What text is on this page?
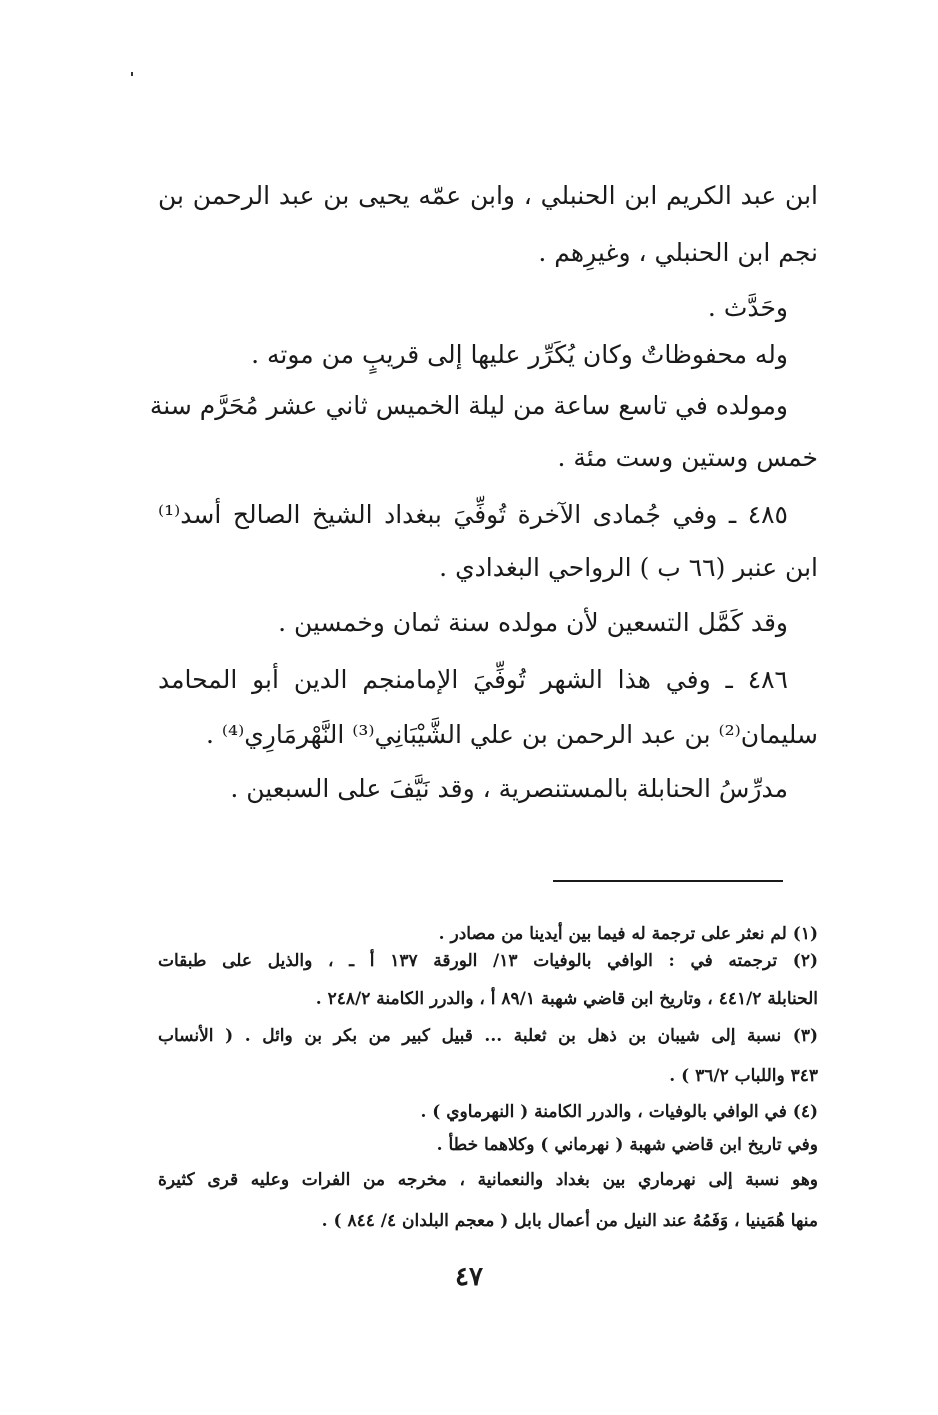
ابن عبد الكريم ابن الحنبلي ، وابن عمّه يحيى بن عبد الرحمن بن
نجم ابن الحنبلي ، وغيرِهم .
وحَدَّث .
وله محفوظاتٌ وكان يُكَرِّر عليها إلى قريبٍ من موته .
ومولده في تاسع ساعة من ليلة الخميس ثاني عشر مُحَرَّم سنة
خمس وستين وست مئة .
٤٨٥ ـ وفي جُمادى الآخرة تُوفِّيَ ببغداد الشيخ الصالح أسد⁽¹⁾
ابن عنبر (٦٦ ب ) الرواحي البغدادي .
وقد كَمَّل التسعين لأن مولده سنة ثمان وخمسين .
٤٨٦ ـ وفي هذا الشهر تُوفِّيَ الإمامنجم الدين أبو المحامد
سليمان⁽²⁾ بن عبد الرحمن بن علي الشَّيْبَانِي⁽³⁾ النَّهْرمَارِي⁽⁴⁾ .
مدرِّسُ الحنابلة بالمستنصرية ، وقد نَيَّفَ على السبعين .
(١) لم نعثر على ترجمة له فيما بين أيدينا من مصادر .
(٢) ترجمته في : الوافي بالوفيات ١٣/ الورقة ١٣٧ أ ـ ، والذيل على طبقات
الحنابلة ٤٤١/٢ ، وتاريخ ابن قاضي شهبة ٨٩/١ أ ، والدرر الكامنة ٢٤٨/٢ .
(٣) نسبة إلى شيبان بن ذهل بن ثعلبة ... قبيل كبير من بكر بن وائل . ( الأنساب
٣٤٣ واللباب ٣٦/٢ ) .
(٤) في الوافي بالوفيات ، والدرر الكامنة ( النهرماوي ) .
وفي تاريخ ابن قاضي شهبة ( نهرماني ) وكلاهما خطأ .
وهو نسبة إلى نهرماري بين بغداد والنعمانية ، مخرجه من الفرات وعليه قرى كثيرة
منها هُمَينيا ، وَفَمُهُ عند النيل من أعمال بابل ( معجم البلدان ٤/ ٨٤٤ ) .
٤٧
